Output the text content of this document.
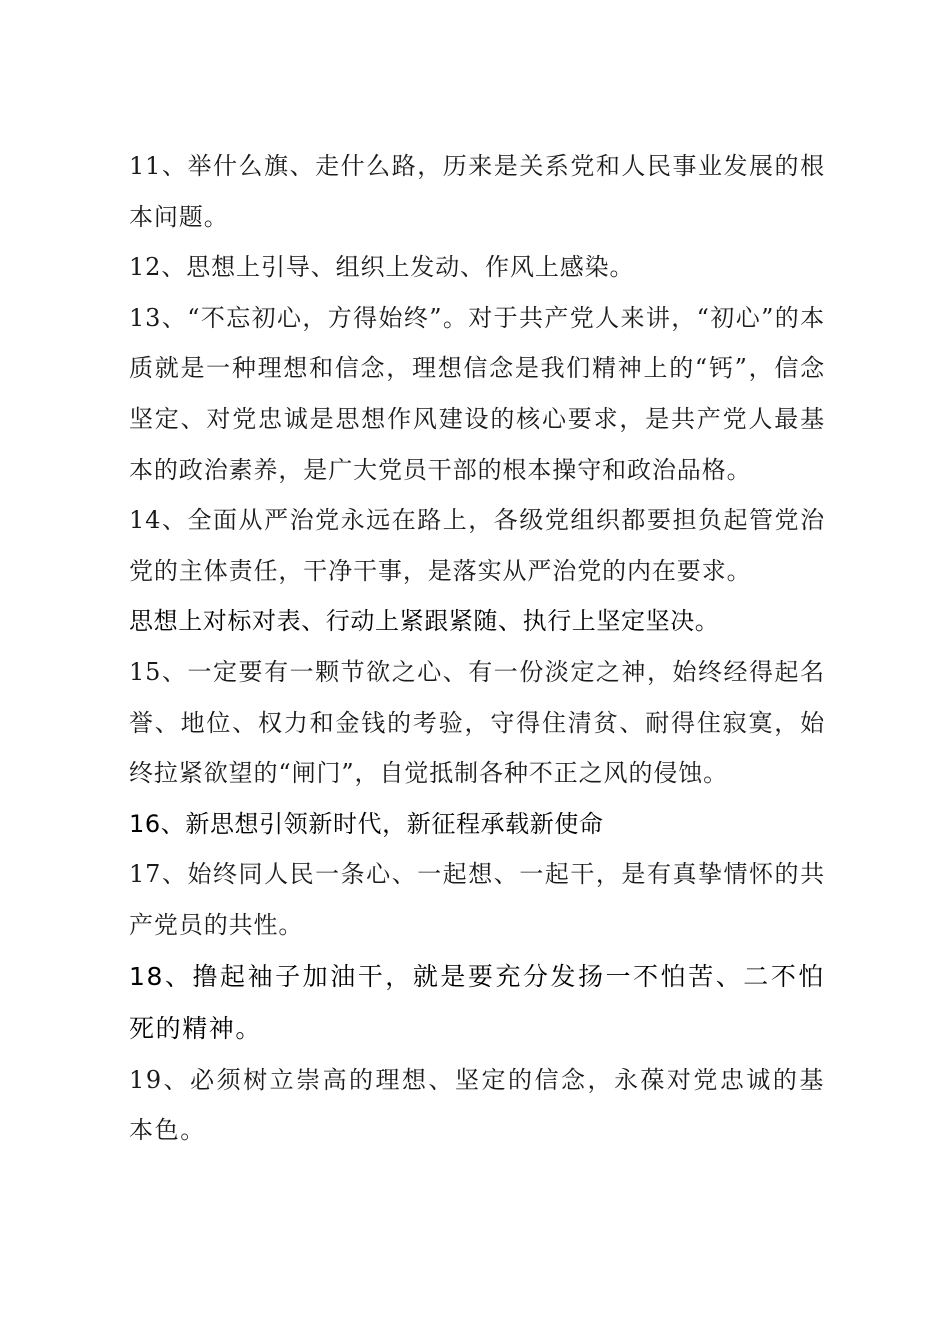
11、举什么旗、走什么路，历来是关系党和人民事业发展的根本问题。

12、思想上引导、组织上发动、作风上感染。

13、“不忘初心，方得始终”。对于共产党人来讲，“初心”的本质就是一种理想和信念，理想信念是我们精神上的“钙”，信念坚定、对党忠诚是思想作风建设的核心要求，是共产党人最基本的政治素养，是广大党员干部的根本操守和政治品格。

14、全面从严治党永远在路上，各级党组织都要担负起管党治党的主体责任，干净干事，是落实从严治党的内在要求。

思想上对标对表、行动上紧跟紧随、执行上坚定坚决。

15、一定要有一颗节欲之心、有一份淡定之神，始终经得起名誉、地位、权力和金钱的考验，守得住清贫、耐得住寂寞，始终拉紧欲望的“闸门”，自觉抵制各种不正之风的侵蚀。

16、新思想引领新时代，新征程承载新使命

17、始终同人民一条心、一起想、一起干，是有真挚情怀的共产党员的共性。

18、撸起袖子加油干，就是要充分发扬一不怕苦、二不怕死的精神。

19、必须树立崇高的理想、坚定的信念，永葆对党忠诚的基本色。
